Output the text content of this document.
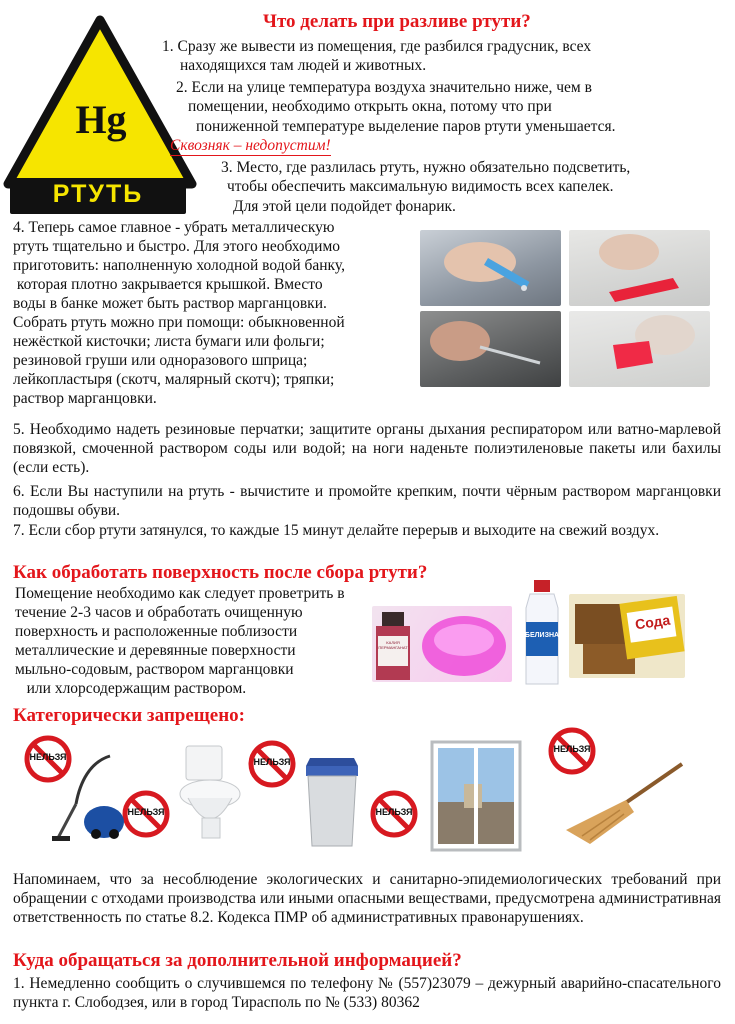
Hg
РТУТЬ
Что делать при разливе ртути?
1. Сразу же вывести из помещения, где разбился градусник, всех
находящихся там людей и животных.
2. Если на улице температура воздуха значительно ниже, чем в
помещении, необходимо открыть окна, потому что при
пониженной температуре выделение паров ртути уменьшается.
Сквозняк – недопустим!
3. Место, где разлилась ртуть, нужно обязательно подсветить,
чтобы обеспечить максимальную видимость всех капелек.
Для этой цели подойдет фонарик.
4. Теперь самое главное - убрать металлическую
ртуть тщательно и быстро. Для этого необходимо
приготовить: наполненную холодной водой банку,
которая плотно закрывается крышкой. Вместо
воды в банке может быть раствор марганцовки.
Собрать ртуть можно при помощи: обыкновенной
нежёсткой кисточки; листа бумаги или фольги;
резиновой груши или одноразового шприца;
лейкопластыря (скотч, малярный скотч); тряпки;
раствор марганцовки.
5. Необходимо надеть резиновые перчатки; защитите органы дыхания респиратором или ватно-марлевой повязкой, смоченной раствором соды или водой; на ноги наденьте полиэтиленовые пакеты или бахилы (если есть).
6. Если Вы наступили на ртуть - вычистите и промойте крепким, почти чёрным раствором марганцовки подошвы обуви.
7. Если сбор ртути затянулся, то каждые 15 минут делайте перерыв и выходите на свежий воздух.
Как обработать поверхность после сбора ртути?
Помещение необходимо как следует проветрить в
течение 2-3 часов и обработать очищенную
поверхность и расположенные поблизости
металлические и деревянные поверхности
мыльно-содовым, раствором марганцовки
или хлорсодержащим раствором.
КАЛИЯ ПЕРМАНГАНАТ
БЕЛИЗНА
Сода
Категорически запрещено:
НЕЛЬЗЯ
НЕЛЬЗЯ
НЕЛЬЗЯ
НЕЛЬЗЯ
НЕЛЬЗЯ
Напоминаем, что за несоблюдение экологических и санитарно-эпидемиологических требований при обращении с отходами производства или иными опасными веществами, предусмотрена административная ответственность по статье 8.2. Кодекса ПМР об административных правонарушениях.
Куда обращаться за дополнительной информацией?
1. Немедленно сообщить о случившемся по телефону № (557)23079 – дежурный аварийно-спасательного пункта г. Слободзея, или в город Тирасполь по № (533) 80362
